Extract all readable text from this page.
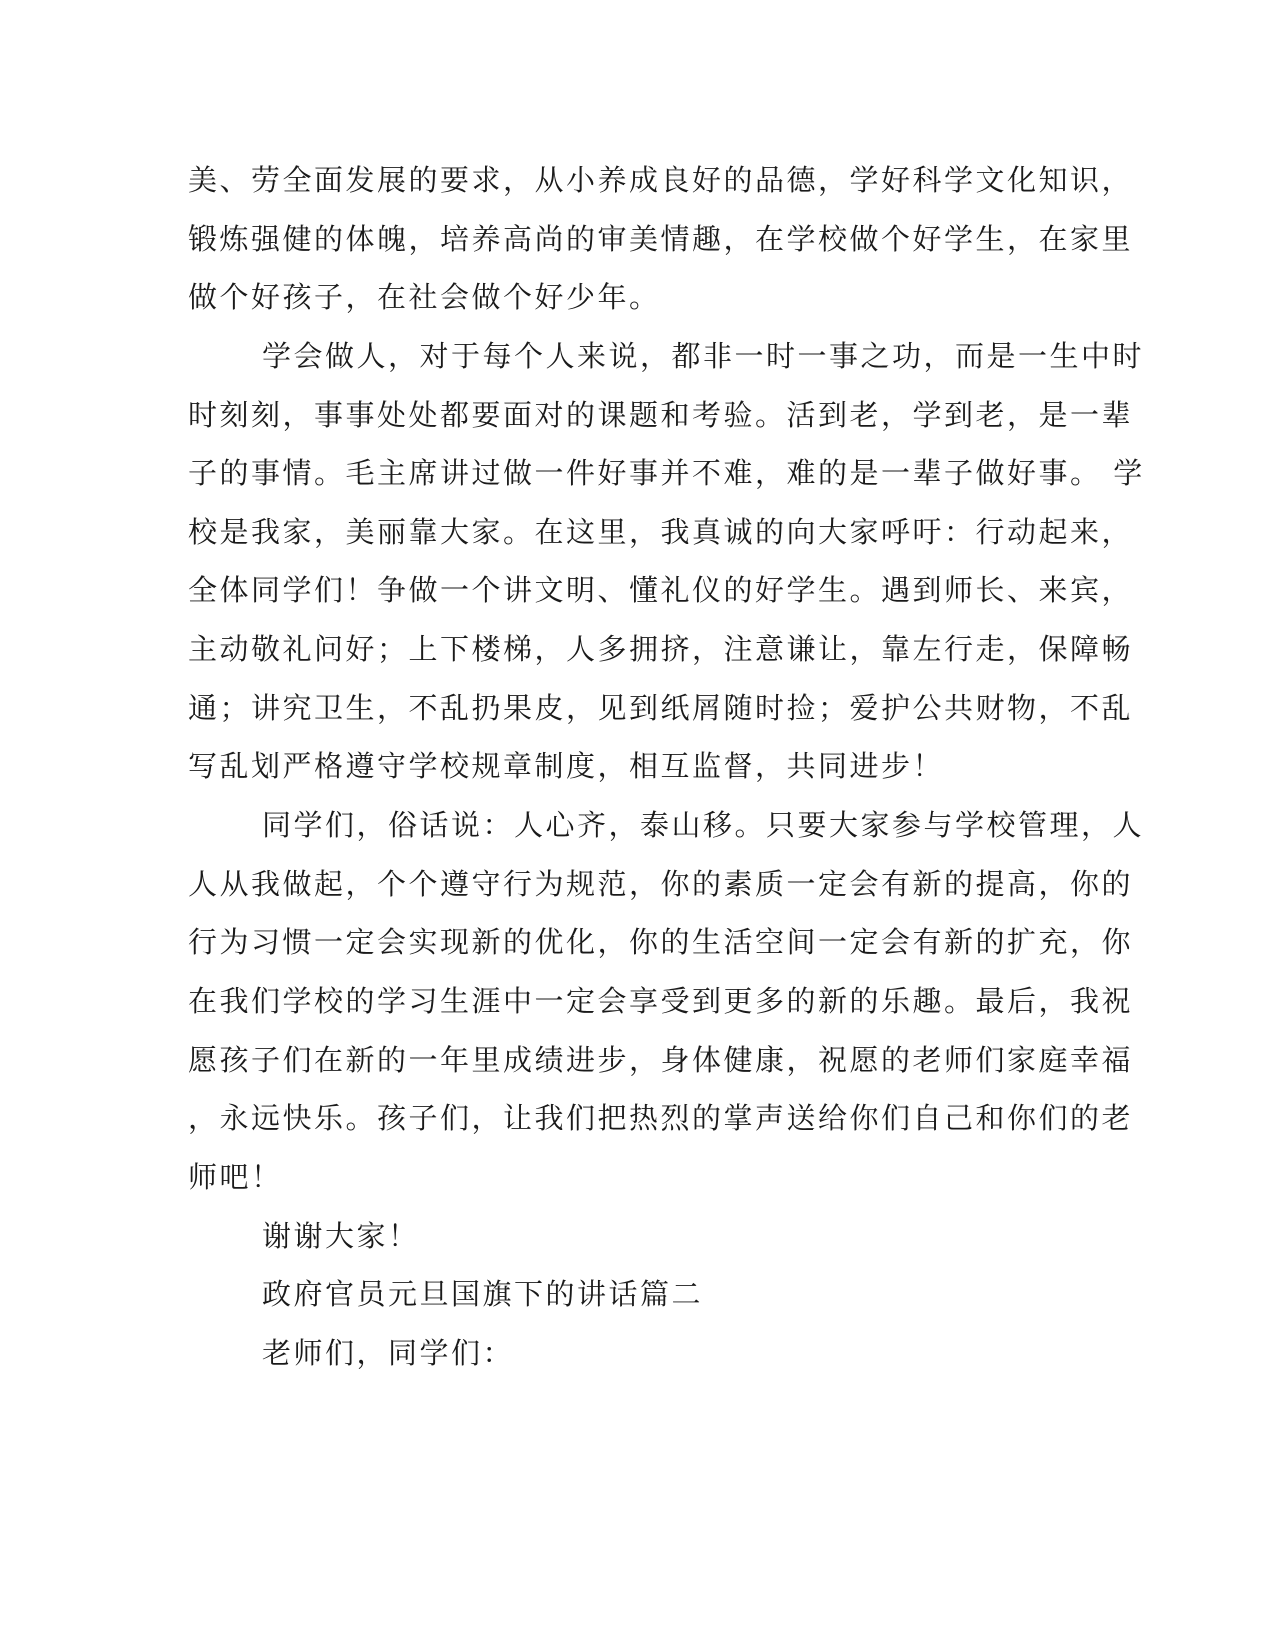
美、劳全面发展的要求，从小养成良好的品德，学好科学文化知识，
锻炼强健的体魄，培养高尚的审美情趣，在学校做个好学生，在家里
做个好孩子，在社会做个好少年。
学会做人，对于每个人来说，都非一时一事之功，而是一生中时
时刻刻，事事处处都要面对的课题和考验。活到老，学到老，是一辈
子的事情。毛主席讲过做一件好事并不难，难的是一辈子做好事。 学
校是我家，美丽靠大家。在这里，我真诚的向大家呼吁：行动起来，
全体同学们！争做一个讲文明、懂礼仪的好学生。遇到师长、来宾，
主动敬礼问好；上下楼梯，人多拥挤，注意谦让，靠左行走，保障畅
通；讲究卫生，不乱扔果皮，见到纸屑随时捡；爱护公共财物，不乱
写乱划严格遵守学校规章制度，相互监督，共同进步！
同学们，俗话说：人心齐，泰山移。只要大家参与学校管理，人
人从我做起，个个遵守行为规范，你的素质一定会有新的提高，你的
行为习惯一定会实现新的优化，你的生活空间一定会有新的扩充，你
在我们学校的学习生涯中一定会享受到更多的新的乐趣。最后，我祝
愿孩子们在新的一年里成绩进步，身体健康，祝愿的老师们家庭幸福
，永远快乐。孩子们，让我们把热烈的掌声送给你们自己和你们的老
师吧！
谢谢大家！
政府官员元旦国旗下的讲话篇二
老师们，同学们：
